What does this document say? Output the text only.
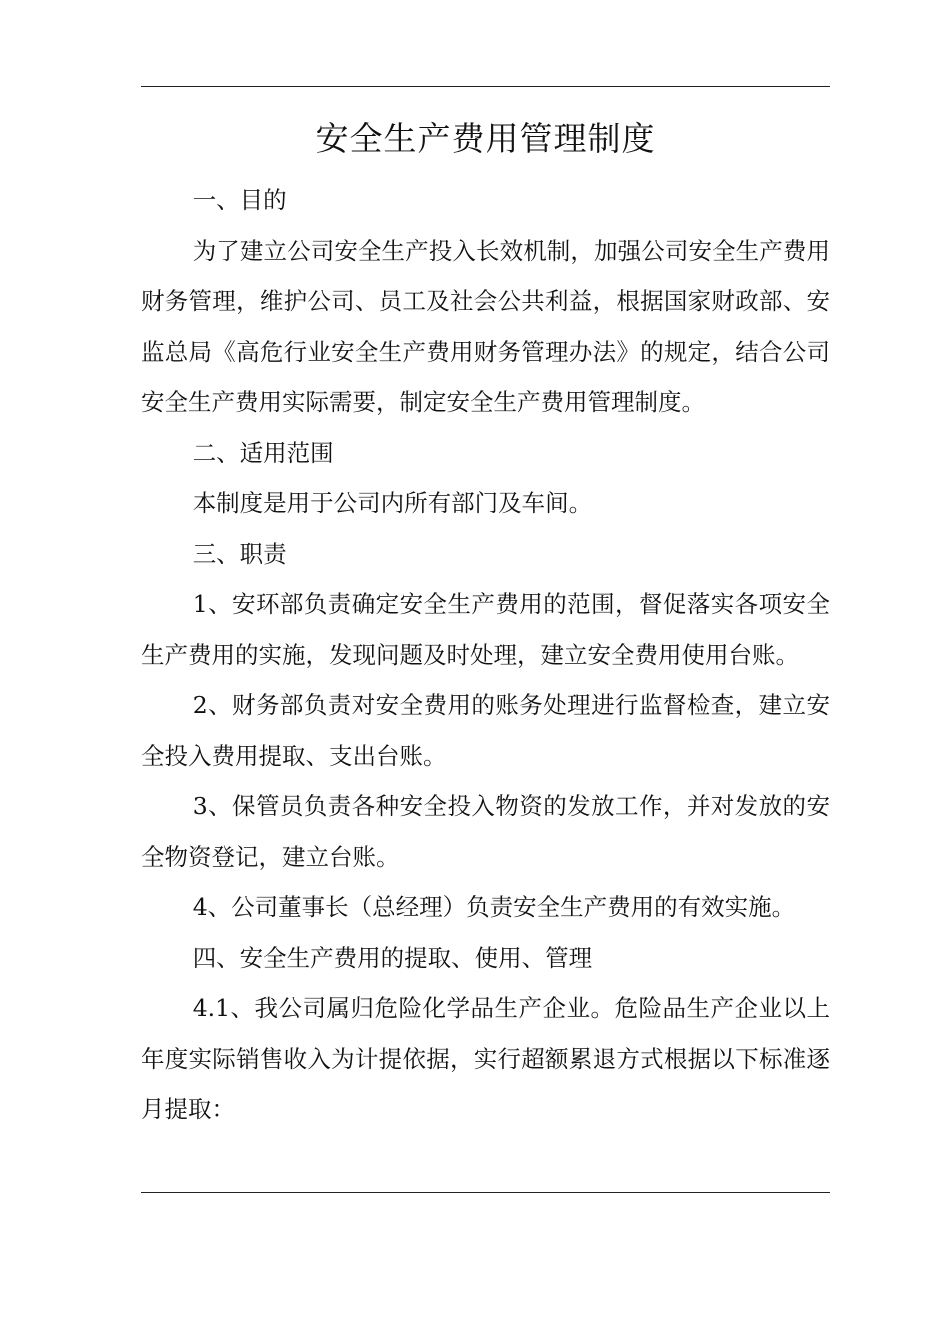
安全生产费用管理制度

一、目的

为了建立公司安全生产投入长效机制，加强公司安全生产费用财务管理，维护公司、员工及社会公共利益，根据国家财政部、安监总局《高危行业安全生产费用财务管理办法》的规定，结合公司安全生产费用实际需要，制定安全生产费用管理制度。

二、适用范围

本制度是用于公司内所有部门及车间。

三、职责

1、安环部负责确定安全生产费用的范围，督促落实各项安全生产费用的实施，发现问题及时处理，建立安全费用使用台账。

2、财务部负责对安全费用的账务处理进行监督检查，建立安全投入费用提取、支出台账。

3、保管员负责各种安全投入物资的发放工作，并对发放的安全物资登记，建立台账。

4、公司董事长（总经理）负责安全生产费用的有效实施。

四、安全生产费用的提取、使用、管理

4.1、我公司属归危险化学品生产企业。危险品生产企业以上年度实际销售收入为计提依据，实行超额累退方式根据以下标准逐月提取：
